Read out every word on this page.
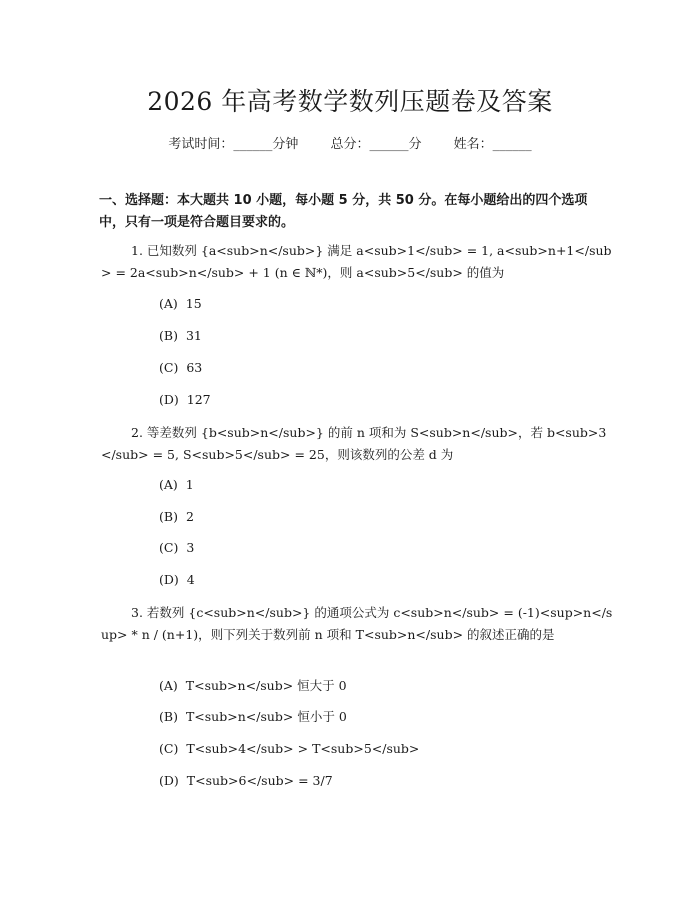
2026 年高考数学数列压题卷及答案
考试时间：______分钟 总分：______分 姓名：______
一、选择题：本大题共 10 小题，每小题 5 分，共 50 分。在每小题给出的四个选项中，只有一项是符合题目要求的。
1. 已知数列 {a<sub>n</sub>} 满足 a<sub>1</sub> = 1, a<sub>n+1</sub> = 2a<sub>n</sub> + 1 (n ∈ ℕ*)，则 a<sub>5</sub> 的值为
(A) 15
(B) 31
(C) 63
(D) 127
2. 等差数列 {b<sub>n</sub>} 的前 n 项和为 S<sub>n</sub>，若 b<sub>3</sub> = 5, S<sub>5</sub> = 25，则该数列的公差 d 为
(A) 1
(B) 2
(C) 3
(D) 4
3. 若数列 {c<sub>n</sub>} 的通项公式为 c<sub>n</sub> = (-1)<sup>n</sup> * n / (n+1)，则下列关于数列前 n 项和 T<sub>n</sub> 的叙述正确的是
(A) T<sub>n</sub> 恒大于 0
(B) T<sub>n</sub> 恒小于 0
(C) T<sub>4</sub> > T<sub>5</sub>
(D) T<sub>6</sub> = 3/7
